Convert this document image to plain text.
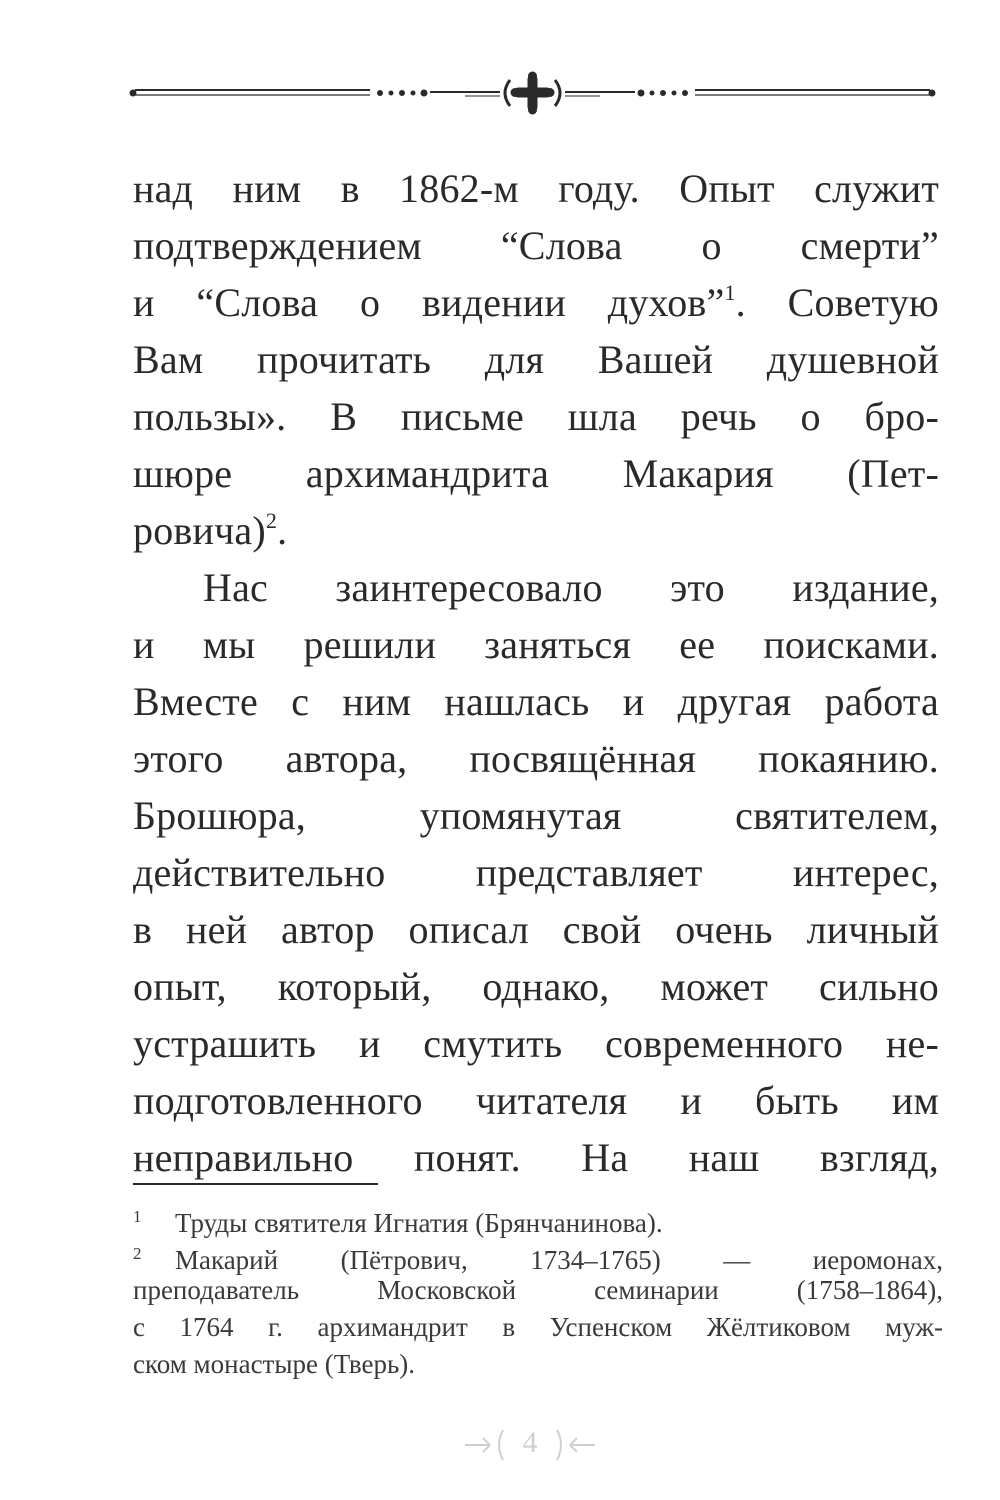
над ним в 1862-м году. Опыт служит
подтверждением “Слова о смерти”
и “Слова о видении духов”$^1$. Советую
Вам прочитать для Вашей душевной
пользы». В письме шла речь о бро-
шюре архимандрита Макария (Пет-
ровича)$^2$.
Нас заинтересовало это издание,
и мы решили заняться ее поисками.
Вместе с ним нашлась и другая работа
этого автора, посвящённая покаянию.
Брошюра, упомянутая святителем,
действительно представляет интерес,
в ней автор описал свой очень личный
опыт, который, однако, может сильно
устрашить и смутить современного не-
подготовленного читателя и быть им
неправильно понят. На наш взгляд,
1 Труды святителя Игнатия (Брянчанинова).
2 Макарий (Пётрович, 1734–1765) — иеромонах,
преподаватель Московской семинарии (1758–1864),
с 1764 г. архимандрит в Успенском Жёлтиковом муж-
ском монастыре (Тверь).
4
